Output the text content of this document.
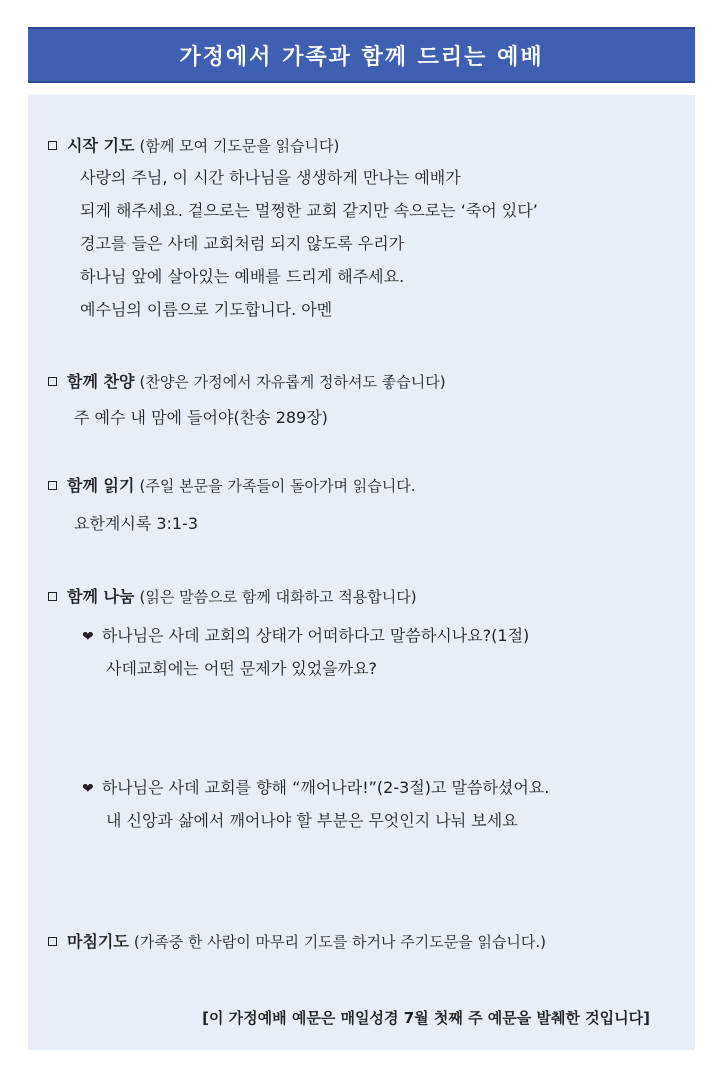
가정에서 가족과 함께 드리는 예배
시작 기도 (함께 모여 기도문을 읽습니다)
사랑의 주님, 이 시간 하나님을 생생하게 만나는 예배가
되게 해주세요. 겉으로는 멀쩡한 교회 같지만 속으로는 ‘죽어 있다’
경고를 들은 사데 교회처럼 되지 않도록 우리가
하나님 앞에 살아있는 예배를 드리게 해주세요.
예수님의 이름으로 기도합니다. 아멘
함께 찬양 (찬양은 가정에서 자유롭게 정하셔도 좋습니다)
주 예수 내 맘에 들어야(찬송 289장)
함께 읽기 (주일 본문을 가족들이 돌아가며 읽습니다.
요한계시록 3:1-3
함께 나눔 (읽은 말씀으로 함께 대화하고 적용합니다)
❤ 하나님은 사데 교회의 상태가 어떠하다고 말씀하시나요?(1절)
사데교회에는 어떤 문제가 있었을까요?
❤ 하나님은 사데 교회를 향해 “깨어나라!”(2-3절)고 말씀하셨어요.
내 신앙과 삶에서 깨어나야 할 부분은 무엇인지 나눠 보세요
마침기도 (가족중 한 사람이 마무리 기도를 하거나 주기도문을 읽습니다.)
[이 가정예배 예문은 매일성경 7월 첫째 주 예문을 발췌한 것입니다]
